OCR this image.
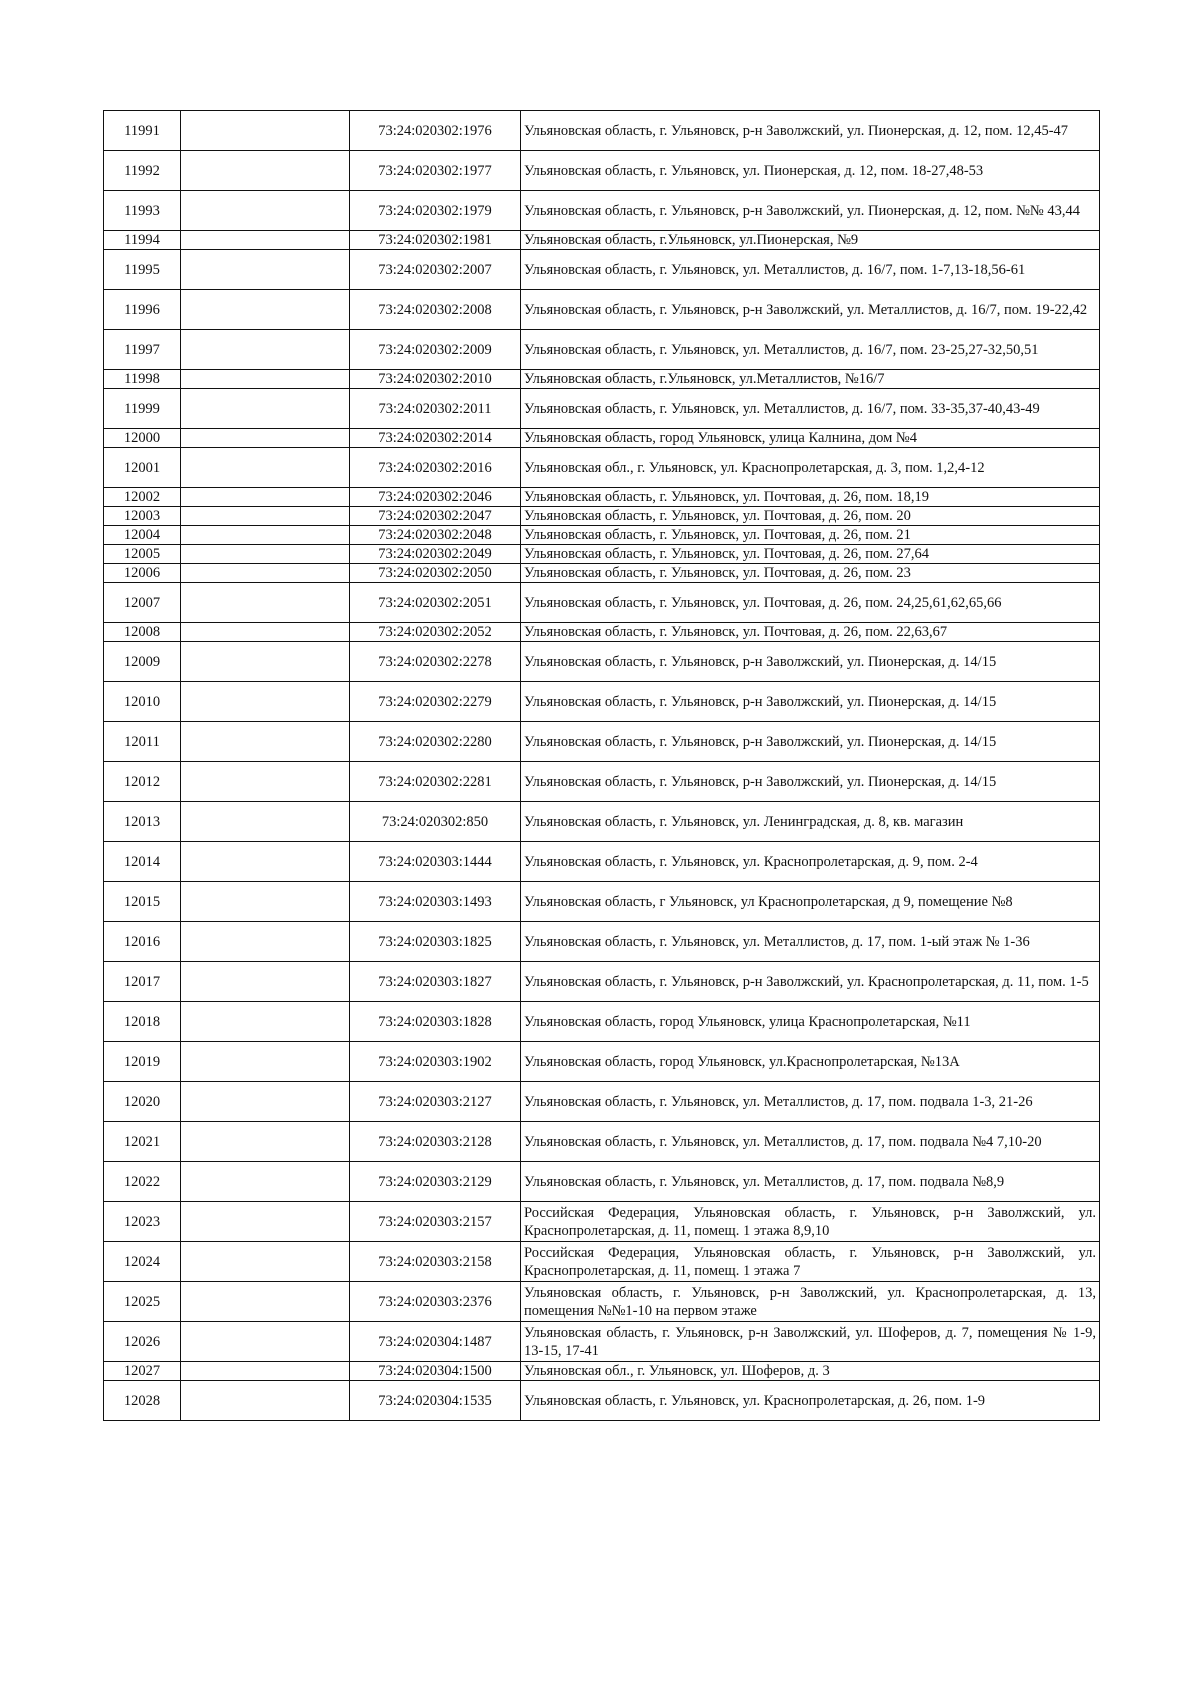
11991		73:24:020302:1976	Ульяновская область, г. Ульяновск, р-н Заволжский, ул. Пионерская, д. 12, пом. 12,45-47
11992		73:24:020302:1977	Ульяновская область, г. Ульяновск, ул. Пионерская, д. 12, пом. 18-27,48-53
11993		73:24:020302:1979	Ульяновская область, г. Ульяновск, р-н Заволжский, ул. Пионерская, д. 12, пом. №№ 43,44
11994		73:24:020302:1981	Ульяновская область, г.Ульяновск, ул.Пионерская, №9
11995		73:24:020302:2007	Ульяновская область, г. Ульяновск, ул. Металлистов, д. 16/7, пом. 1-7,13-18,56-61
11996		73:24:020302:2008	Ульяновская область, г. Ульяновск, р-н Заволжский, ул. Металлистов, д. 16/7, пом. 19-22,42
11997		73:24:020302:2009	Ульяновская область, г. Ульяновск, ул. Металлистов, д. 16/7, пом. 23-25,27-32,50,51
11998		73:24:020302:2010	Ульяновская область, г.Ульяновск, ул.Металлистов, №16/7
11999		73:24:020302:2011	Ульяновская область, г. Ульяновск, ул. Металлистов, д. 16/7, пом. 33-35,37-40,43-49
12000		73:24:020302:2014	Ульяновская область, город Ульяновск, улица Калнина, дом №4
12001		73:24:020302:2016	Ульяновская обл., г. Ульяновск, ул. Краснопролетарская, д. 3, пом. 1,2,4-12
12002		73:24:020302:2046	Ульяновская область, г. Ульяновск, ул. Почтовая, д. 26, пом. 18,19
12003		73:24:020302:2047	Ульяновская область, г. Ульяновск, ул. Почтовая, д. 26, пом. 20
12004		73:24:020302:2048	Ульяновская область, г. Ульяновск, ул. Почтовая, д. 26, пом. 21
12005		73:24:020302:2049	Ульяновская область, г. Ульяновск, ул. Почтовая, д. 26, пом. 27,64
12006		73:24:020302:2050	Ульяновская область, г. Ульяновск, ул. Почтовая, д. 26, пом. 23
12007		73:24:020302:2051	Ульяновская область, г. Ульяновск, ул. Почтовая, д. 26, пом. 24,25,61,62,65,66
12008		73:24:020302:2052	Ульяновская область, г. Ульяновск, ул. Почтовая, д. 26, пом. 22,63,67
12009		73:24:020302:2278	Ульяновская область, г. Ульяновск, р-н Заволжский, ул. Пионерская, д. 14/15
12010		73:24:020302:2279	Ульяновская область, г. Ульяновск, р-н Заволжский, ул. Пионерская, д. 14/15
12011		73:24:020302:2280	Ульяновская область, г. Ульяновск, р-н Заволжский, ул. Пионерская, д. 14/15
12012		73:24:020302:2281	Ульяновская область, г. Ульяновск, р-н Заволжский, ул. Пионерская, д. 14/15
12013		73:24:020302:850	Ульяновская область, г. Ульяновск, ул. Ленинградская, д. 8, кв. магазин
12014		73:24:020303:1444	Ульяновская область, г. Ульяновск, ул. Краснопролетарская, д. 9, пом. 2-4
12015		73:24:020303:1493	Ульяновская область, г Ульяновск, ул Краснопролетарская, д 9, помещение №8
12016		73:24:020303:1825	Ульяновская область, г. Ульяновск, ул. Металлистов, д. 17, пом. 1-ый этаж № 1-36
12017		73:24:020303:1827	Ульяновская область, г. Ульяновск, р-н Заволжский, ул. Краснопролетарская, д. 11, пом. 1-5
12018		73:24:020303:1828	Ульяновская область, город Ульяновск, улица Краснопролетарская, №11
12019		73:24:020303:1902	Ульяновская область, город Ульяновск, ул.Краснопролетарская, №13А
12020		73:24:020303:2127	Ульяновская область, г. Ульяновск, ул. Металлистов, д. 17, пом. подвала 1-3, 21-26
12021		73:24:020303:2128	Ульяновская область, г. Ульяновск, ул. Металлистов, д. 17, пом. подвала №4 7,10-20
12022		73:24:020303:2129	Ульяновская область, г. Ульяновск, ул. Металлистов, д. 17, пом. подвала №8,9
12023		73:24:020303:2157	Российская Федерация, Ульяновская область, г. Ульяновск, р-н Заволжский, ул. Краснопролетарская, д. 11, помещ. 1 этажа 8,9,10
12024		73:24:020303:2158	Российская Федерация, Ульяновская область, г. Ульяновск, р-н Заволжский, ул. Краснопролетарская, д. 11, помещ. 1 этажа 7
12025		73:24:020303:2376	Ульяновская область, г. Ульяновск, р-н Заволжский, ул. Краснопролетарская, д. 13, помещения №№1-10 на первом этаже
12026		73:24:020304:1487	Ульяновская область, г. Ульяновск, р-н Заволжский, ул. Шоферов, д. 7, помещения № 1-9, 13-15, 17-41
12027		73:24:020304:1500	Ульяновская обл., г. Ульяновск, ул. Шоферов, д. 3
12028		73:24:020304:1535	Ульяновская область, г. Ульяновск, ул. Краснопролетарская, д. 26, пом. 1-9
